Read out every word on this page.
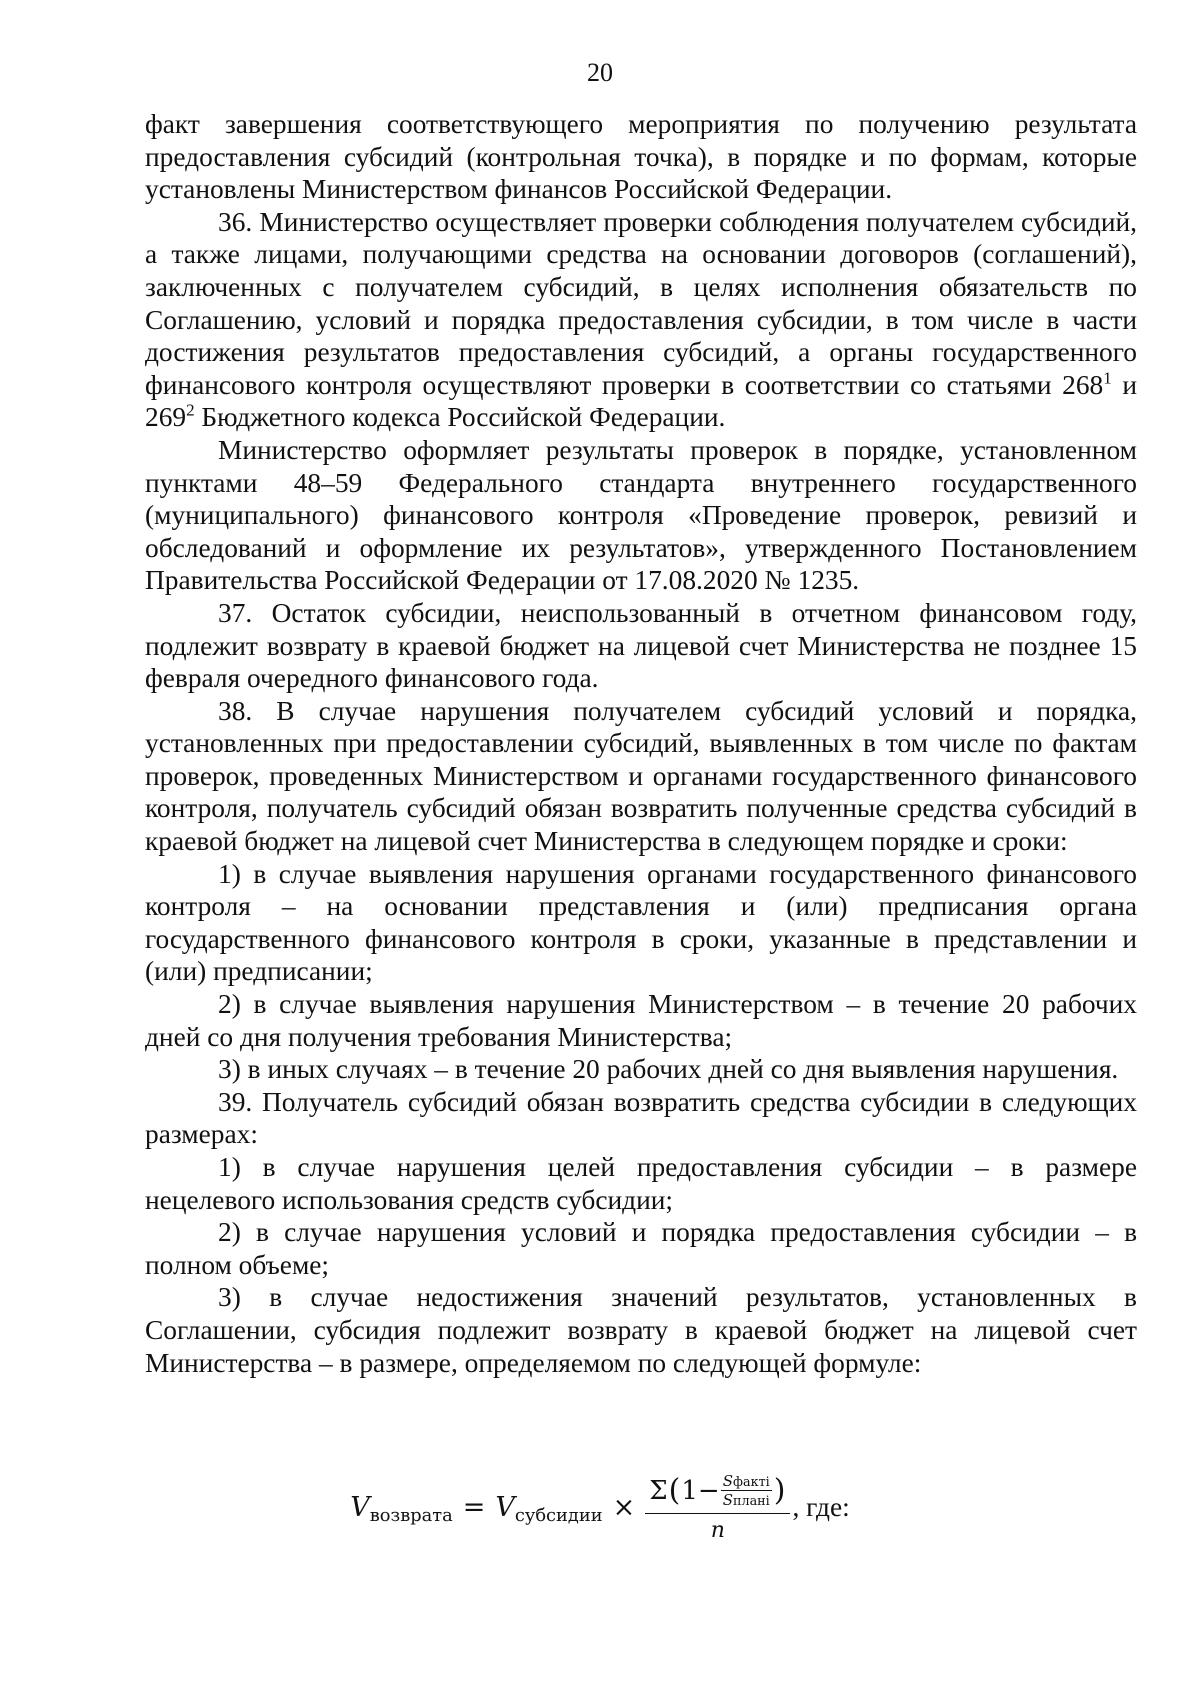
20

факт завершения соответствующего мероприятия по получению результата предоставления субсидий (контрольная точка), в порядке и по формам, которые установлены Министерством финансов Российской Федерации.

36. Министерство осуществляет проверки соблюдения получателем субсидий, а также лицами, получающими средства на основании договоров (соглашений), заключенных с получателем субсидий, в целях исполнения обязательств по Соглашению, условий и порядка предоставления субсидии, в том числе в части достижения результатов предоставления субсидий, а органы государственного финансового контроля осуществляют проверки в соответствии со статьями $268^1$ и $269^2$ Бюджетного кодекса Российской Федерации.

Министерство оформляет результаты проверок в порядке, установленном пунктами 48–59 Федерального стандарта внутреннего государственного (муниципального) финансового контроля «Проведение проверок, ревизий и обследований и оформление их результатов», утвержденного Постановлением Правительства Российской Федерации от 17.08.2020 № 1235.

37. Остаток субсидии, неиспользованный в отчетном финансовом году, подлежит возврату в краевой бюджет на лицевой счет Министерства не позднее 15 февраля очередного финансового года.

38. В случае нарушения получателем субсидий условий и порядка, установленных при предоставлении субсидий, выявленных в том числе по фактам проверок, проведенных Министерством и органами государственного финансового контроля, получатель субсидий обязан возвратить полученные средства субсидий в краевой бюджет на лицевой счет Министерства в следующем порядке и сроки:

1) в случае выявления нарушения органами государственного финансового контроля – на основании представления и (или) предписания органа государственного финансового контроля в сроки, указанные в представлении и (или) предписании;

2) в случае выявления нарушения Министерством – в течение 20 рабочих дней со дня получения требования Министерства;

3) в иных случаях – в течение 20 рабочих дней со дня выявления нарушения.

39. Получатель субсидий обязан возвратить средства субсидии в следующих размерах:

1) в случае нарушения целей предоставления субсидии – в размере нецелевого использования средств субсидии;

2) в случае нарушения условий и порядка предоставления субсидии – в полном объеме;

3) в случае недостижения значений результатов, установленных в Соглашении, субсидия подлежит возврату в краевой бюджет на лицевой счет Министерства – в размере, определяемом по следующей формуле:

V возврата = V субсидии ×
Σ ( $1- \frac{\text{Sфактi}}{\text{Sпланi}}$ )
n
, где:
